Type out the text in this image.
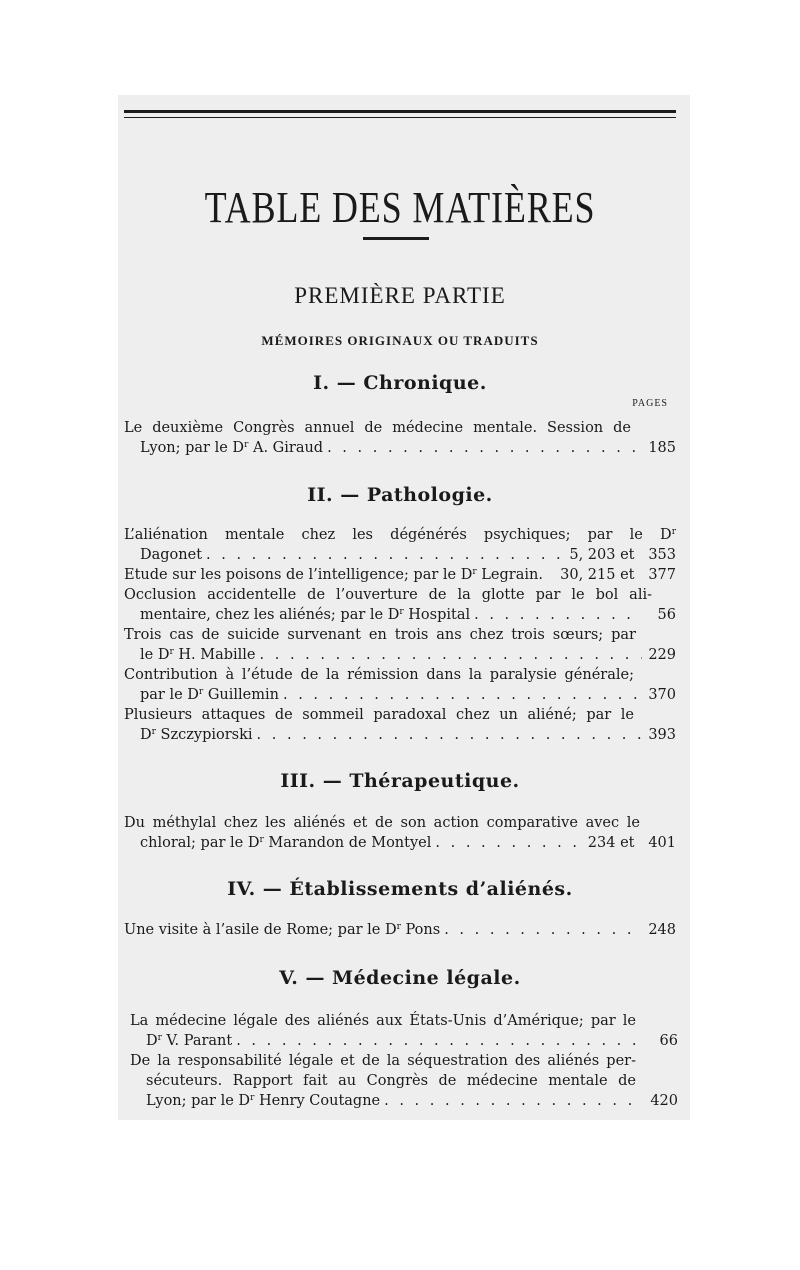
TABLE DES MATIÈRES
PREMIÈRE PARTIE
MÉMOIRES ORIGINAUX OU TRADUITS
I. — Chronique.
PAGES
Le deuxième Congrès annuel de médecine mentale. Session de
Lyon; par le $D^r$ A. Giraud . . .	185
II. — Pathologie.
L’aliénation mentale chez les dégénérés psychiques; par le $D^r$
Dagonet . . .	5, 203 et   353
Etude sur les poisons de l’intelligence; par le $D^r$ Legrain. 30, 215 et   377
Occlusion accidentelle de l’ouverture de la glotte par le bol ali-
mentaire, chez les aliénés; par le $D^r$ Hospital . . .	56
Trois cas de suicide survenant en trois ans chez trois sœurs; par
le $D^r$ H. Mabille . . .	229
Contribution à l’étude de la rémission dans la paralysie générale;
par le $D^r$ Guillemin . . .	370
Plusieurs attaques de sommeil paradoxal chez un aliéné; par le
$D^r$ Szczypiorski . . .	393
III. — Thérapeutique.
Du méthylal chez les aliénés et de son action comparative avec le
chloral; par le $D^r$ Marandon de Montyel . . .	234 et   401
IV. — Établissements d’aliénés.
Une visite à l’asile de Rome; par le $D^r$ Pons . . .	248
V. — Médecine légale.
La médecine légale des aliénés aux États-Unis d’Amérique; par le
$D^r$ V. Parant . . .	66
De la responsabilité légale et de la séquestration des aliénés per-
sécuteurs. Rapport fait au Congrès de médecine mentale de
Lyon; par le $D^r$ Henry Coutagne . . .	420
